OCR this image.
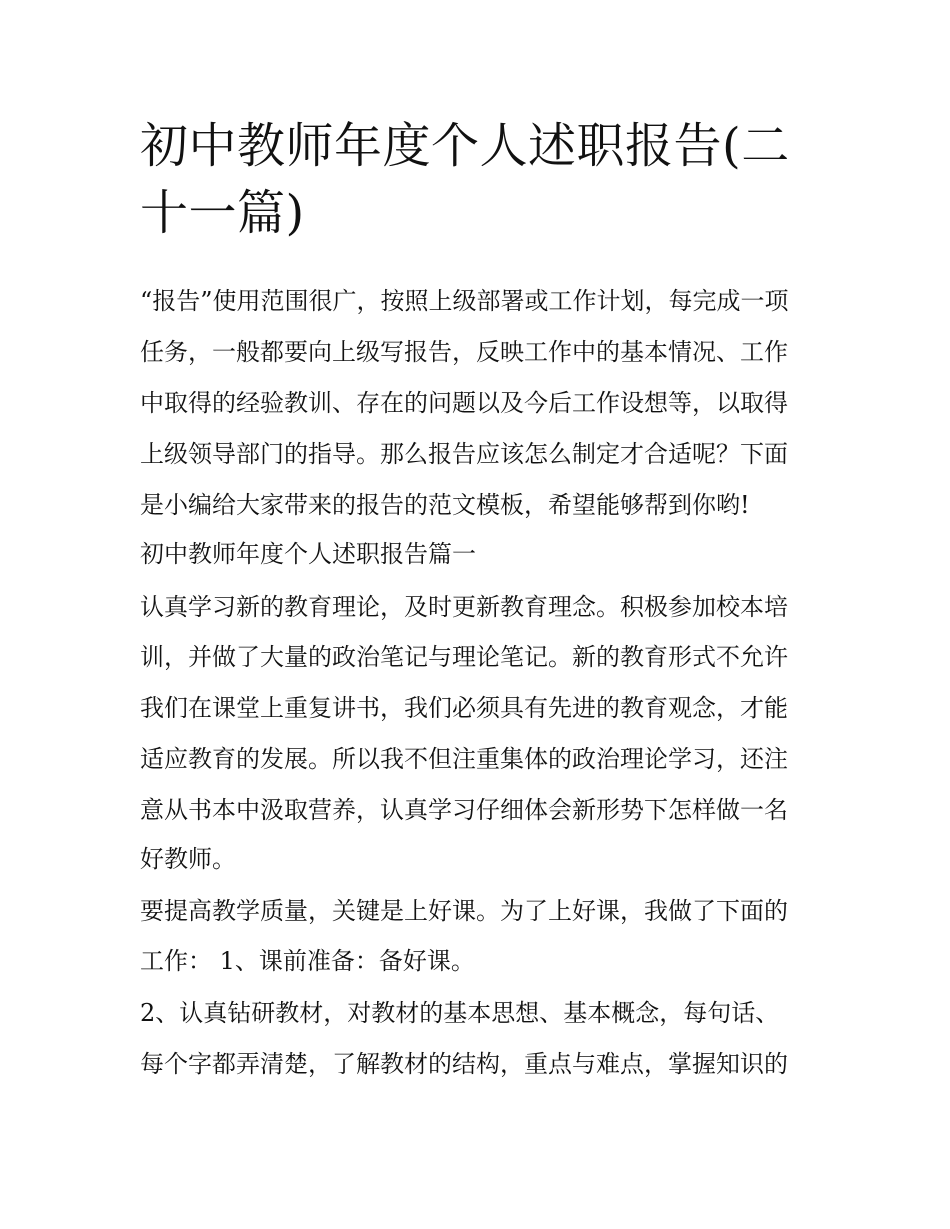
初中教师年度个人述职报告(二十一篇)

“报告”使用范围很广，按照上级部署或工作计划，每完成一项

任务，一般都要向上级写报告，反映工作中的基本情况、工作

中取得的经验教训、存在的问题以及今后工作设想等，以取得

上级领导部门的指导。那么报告应该怎么制定才合适呢？下面

是小编给大家带来的报告的范文模板，希望能够帮到你哟!

初中教师年度个人述职报告篇一

认真学习新的教育理论，及时更新教育理念。积极参加校本培

训，并做了大量的政治笔记与理论笔记。新的教育形式不允许

我们在课堂上重复讲书，我们必须具有先进的教育观念，才能

适应教育的发展。所以我不但注重集体的政治理论学习，还注

意从书本中汲取营养，认真学习仔细体会新形势下怎样做一名

好教师。

要提高教学质量，关键是上好课。为了上好课，我做了下面的

工作： 1、课前准备：备好课。

2、认真钻研教材，对教材的基本思想、基本概念，每句话、

每个字都弄清楚，了解教材的结构，重点与难点，掌握知识的
